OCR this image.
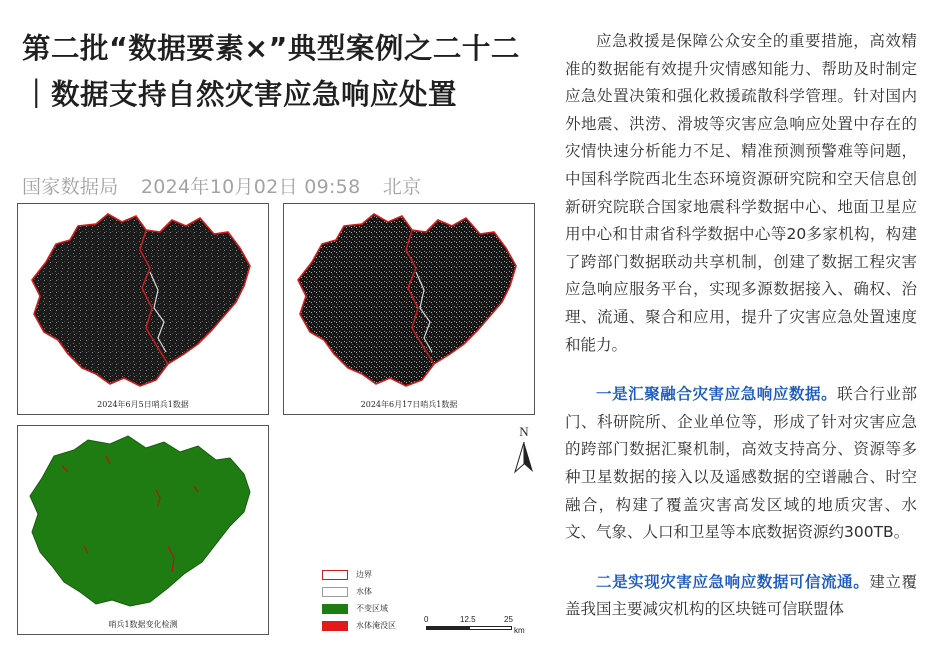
第二批“数据要素×”典型案例之二十二｜数据支持自然灾害应急响应处置
国家数据局 2024年10月02日 09:58 北京
2024年6月5日哨兵1数据	2024年6月17日哨兵1数据
哨兵1数据变化检测
N
边界
水体
不变区域
水体淹没区
0	12.5	25
km

应急救援是保障公众安全的重要措施，高效精准的数据能有效提升灾情感知能力、帮助及时制定应急处置决策和强化救援疏散科学管理。针对国内外地震、洪涝、滑坡等灾害应急响应处置中存在的灾情快速分析能力不足、精准预测预警难等问题，中国科学院西北生态环境资源研究院和空天信息创新研究院联合国家地震科学数据中心、地面卫星应用中心和甘肃省科学数据中心等20多家机构，构建了跨部门数据联动共享机制，创建了数据工程灾害应急响应服务平台，实现多源数据接入、确权、治理、流通、聚合和应用，提升了灾害应急处置速度和能力。

一是汇聚融合灾害应急响应数据。联合行业部门、科研院所、企业单位等，形成了针对灾害应急的跨部门数据汇聚机制，高效支持高分、资源等多种卫星数据的接入以及遥感数据的空谱融合、时空融合，构建了覆盖灾害高发区域的地质灾害、水文、气象、人口和卫星等本底数据资源约300TB。

二是实现灾害应急响应数据可信流通。建立覆盖我国主要减灾机构的区块链可信联盟体
